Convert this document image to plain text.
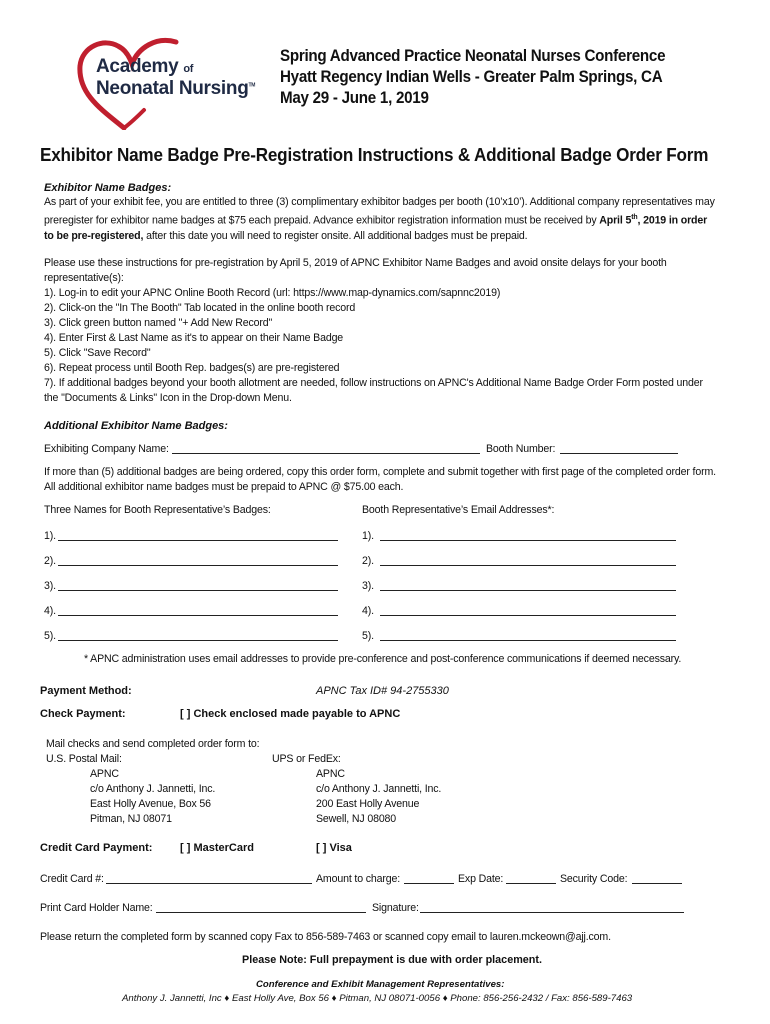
Academy of
Neonatal Nursing™
Spring Advanced Practice Neonatal Nurses Conference
Hyatt Regency Indian Wells - Greater Palm Springs, CA
May 29 - June 1, 2019
Exhibitor Name Badge Pre-Registration Instructions & Additional Badge Order Form
Exhibitor Name Badges:
As part of your exhibit fee, you are entitled to three (3) complimentary exhibitor badges per booth (10’x10’). Additional company representatives may
preregister for exhibitor name badges at $75 each prepaid. Advance exhibitor registration information must be received by April 5th, 2019 in order
to be pre-registered, after this date you will need to register onsite. All additional badges must be prepaid.
Please use these instructions for pre-registration by April 5, 2019 of APNC Exhibitor Name Badges and avoid onsite delays for your booth
representative(s):
1). Log-in to edit your APNC Online Booth Record (url: https://www.map-dynamics.com/sapnnc2019)
2). Click-on the "In The Booth" Tab located in the online booth record
3). Click green button named "+ Add New Record"
4). Enter First & Last Name as it's to appear on their Name Badge
5). Click "Save Record"
6). Repeat process until Booth Rep. badges(s) are pre-registered
7). If additional badges beyond your booth allotment are needed, follow instructions on APNC's Additional Name Badge Order Form posted under
the "Documents & Links" Icon in the Drop-down Menu.
Additional Exhibitor Name Badges:
Exhibiting Company Name:	Booth Number:
If more than (5) additional badges are being ordered, copy this order form, complete and submit together with first page of the completed order form.
All additional exhibitor name badges must be prepaid to APNC @ $75.00 each.
Three Names for Booth Representative’s Badges:	Booth Representative’s Email Addresses*:
1).
2).
3).
4).
5).
1).
2).
3).
4).
5).
* APNC administration uses email addresses to provide pre-conference and post-conference communications if deemed necessary.
Payment Method:	APNC Tax ID# 94-2755330
Check Payment:	[ ] Check enclosed made payable to APNC
Mail checks and send completed order form to:
U.S. Postal Mail:
APNC
c/o Anthony J. Jannetti, Inc.
East Holly Avenue, Box 56
Pitman, NJ 08071
UPS or FedEx:
APNC
c/o Anthony J. Jannetti, Inc.
200 East Holly Avenue
Sewell, NJ 08080
Credit Card Payment:	[ ] MasterCard	[ ] Visa
Credit Card #:	Amount to charge:	Exp Date:	Security Code:
Print Card Holder Name:	Signature:
Please return the completed form by scanned copy Fax to 856-589-7463 or scanned copy email to lauren.mckeown@ajj.com.
Please Note: Full prepayment is due with order placement.
Conference and Exhibit Management Representatives:
Anthony J. Jannetti, Inc ♦ East Holly Ave, Box 56 ♦ Pitman, NJ 08071-0056 ♦ Phone: 856-256-2432 / Fax: 856-589-7463
